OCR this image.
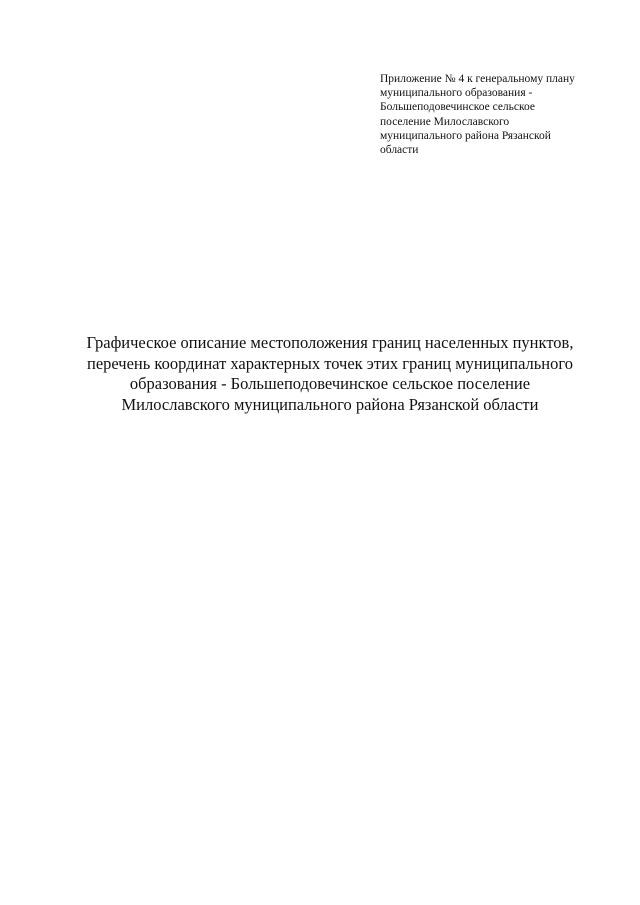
Приложение № 4 к генеральному плану
муниципального образования -
Большеподовечинское сельское
поселение Милославского
муниципального района Рязанской
области
Графическое описание местоположения границ населенных пунктов,
перечень координат характерных точек этих границ муниципального
образования - Большеподовечинское сельское поселение
Милославского муниципального района Рязанской области
